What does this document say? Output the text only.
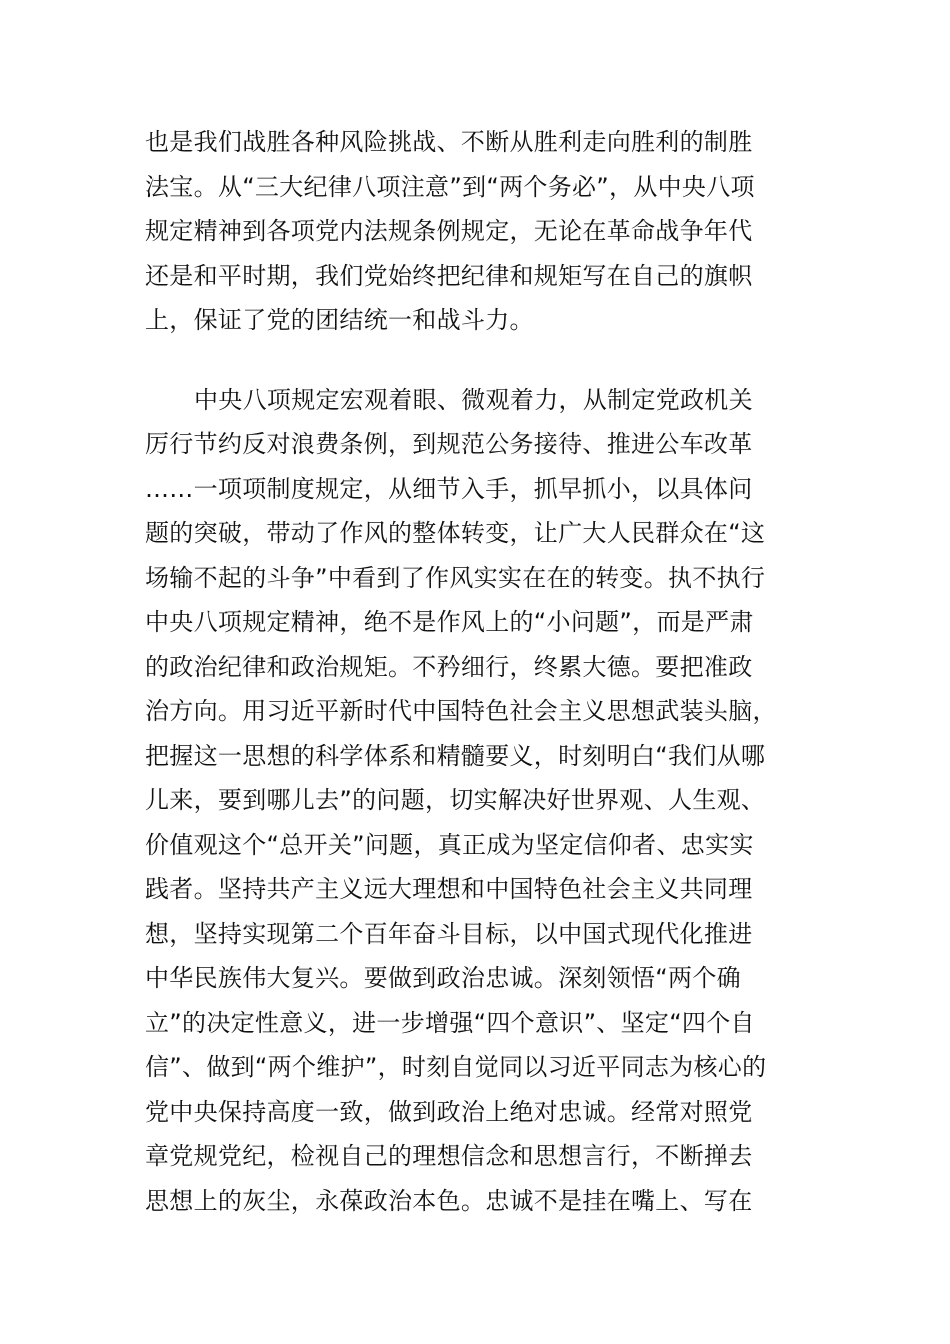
也是我们战胜各种风险挑战、不断从胜利走向胜利的制胜
法宝。从“三大纪律八项注意”到“两个务必”，从中央八项
规定精神到各项党内法规条例规定，无论在革命战争年代
还是和平时期，我们党始终把纪律和规矩写在自己的旗帜
上，保证了党的团结统一和战斗力。
中央八项规定宏观着眼、微观着力，从制定党政机关
厉行节约反对浪费条例，到规范公务接待、推进公车改革
……一项项制度规定，从细节入手，抓早抓小，以具体问
题的突破，带动了作风的整体转变，让广大人民群众在“这
场输不起的斗争”中看到了作风实实在在的转变。执不执行
中央八项规定精神，绝不是作风上的“小问题”，而是严肃
的政治纪律和政治规矩。不矜细行，终累大德。要把准政
治方向。用习近平新时代中国特色社会主义思想武装头脑，
把握这一思想的科学体系和精髓要义，时刻明白“我们从哪
儿来，要到哪儿去”的问题，切实解决好世界观、人生观、
价值观这个“总开关”问题，真正成为坚定信仰者、忠实实
践者。坚持共产主义远大理想和中国特色社会主义共同理
想，坚持实现第二个百年奋斗目标，以中国式现代化推进
中华民族伟大复兴。要做到政治忠诚。深刻领悟“两个确
立”的决定性意义，进一步增强“四个意识”、坚定“四个自
信”、做到“两个维护”，时刻自觉同以习近平同志为核心的
党中央保持高度一致，做到政治上绝对忠诚。经常对照党
章党规党纪，检视自己的理想信念和思想言行，不断掸去
思想上的灰尘，永葆政治本色。忠诚不是挂在嘴上、写在
